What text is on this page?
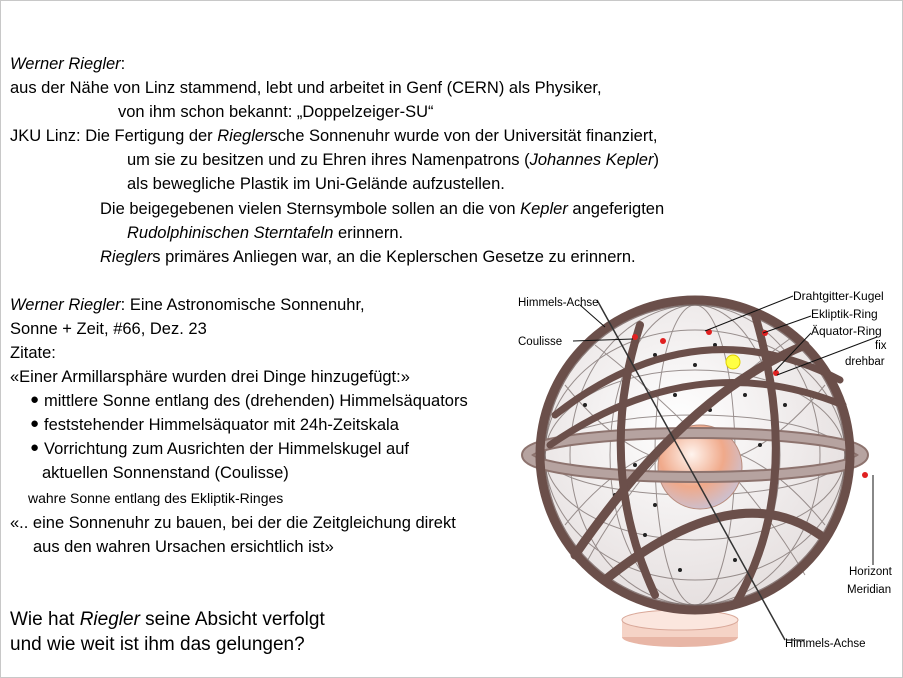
Werner Riegler:
aus der Nähe von Linz stammend, lebt und arbeitet in Genf (CERN) als Physiker,
von ihm schon bekannt: „Doppelzeiger-SU“
JKU Linz: Die Fertigung der Rieglersche Sonnenuhr wurde von der Universität finanziert,
um sie zu besitzen und zu Ehren ihres Namenpatrons (Johannes Kepler)
als bewegliche Plastik im Uni-Gelände aufzustellen.
Die beigegebenen vielen Sternsymbole sollen an die von Kepler angeferigten
Rudolphinischen Sterntafeln erinnern.
Rieglers primäres Anliegen war, an die Keplerschen Gesetze zu erinnern.
Werner Riegler: Eine Astronomische Sonnenuhr,
Sonne + Zeit, #66, Dez. 23
Zitate:
«Einer Armillarsphäre wurden drei Dinge hinzugefügt:»
● mittlere Sonne entlang des (drehenden) Himmelsäquators
● feststehender Himmelsäquator mit 24h-Zeitskala
● Vorrichtung zum Ausrichten der Himmelskugel auf
aktuellen Sonnenstand (Coulisse)
wahre Sonne entlang des Ekliptik-Ringes
«.. eine Sonnenuhr zu bauen, bei der die Zeitgleichung direkt
aus den wahren Ursachen ersichtlich ist»
Wie hat Riegler seine Absicht verfolgt
und wie weit ist ihm das gelungen?
Globus
Himmels-Achse
Coulisse
Drahtgitter-Kugel
Ekliptik-Ring
Äquator-Ring
fix
drehbar
Horizont
Meridian
Himmels-Achse
